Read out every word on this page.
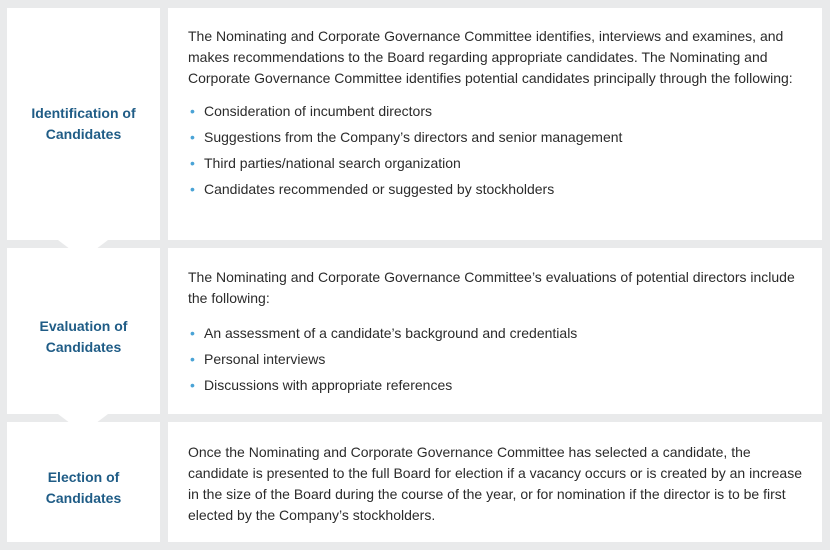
Identification of
Candidates

The Nominating and Corporate Governance Committee identifies, interviews and examines, and makes recommendations to the Board regarding appropriate candidates. The Nominating and Corporate Governance Committee identifies potential candidates principally through the following:

• Consideration of incumbent directors
• Suggestions from the Company’s directors and senior management
• Third parties/national search organization
• Candidates recommended or suggested by stockholders
Evaluation of
Candidates

The Nominating and Corporate Governance Committee’s evaluations of potential directors include the following:

• An assessment of a candidate’s background and credentials
• Personal interviews
• Discussions with appropriate references
Election of
Candidates

Once the Nominating and Corporate Governance Committee has selected a candidate, the candidate is presented to the full Board for election if a vacancy occurs or is created by an increase in the size of the Board during the course of the year, or for nomination if the director is to be first elected by the Company’s stockholders.
